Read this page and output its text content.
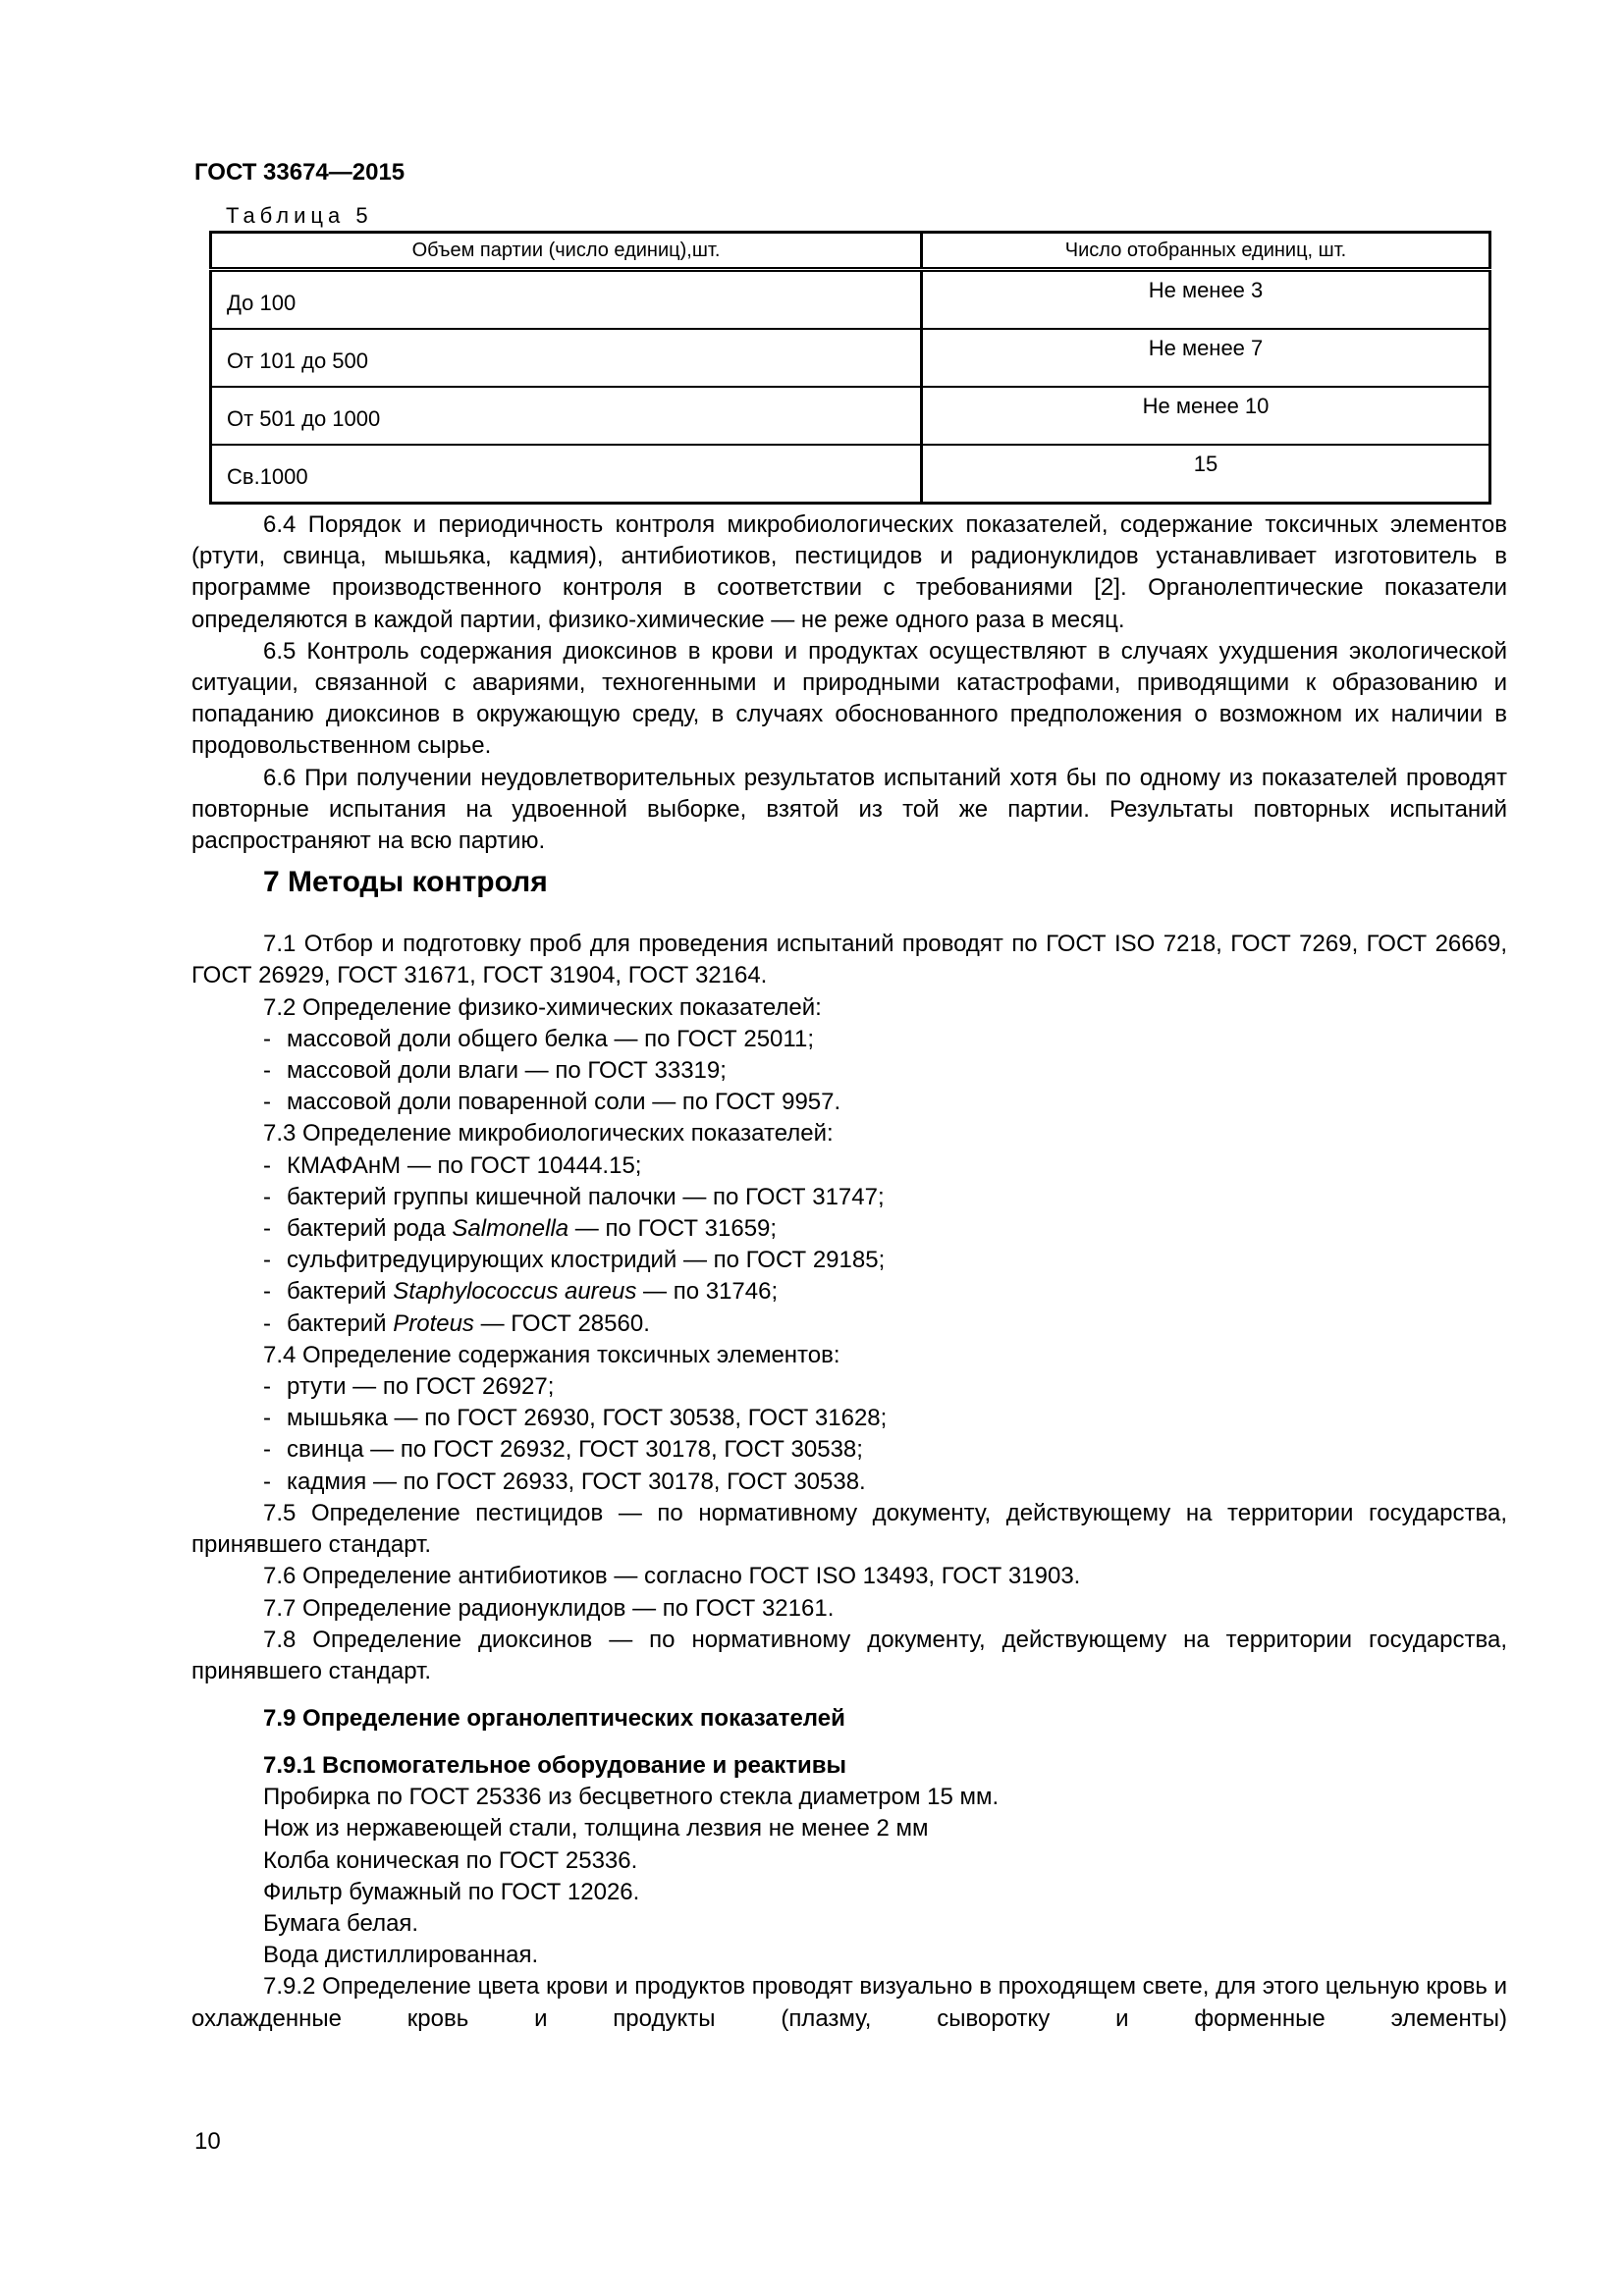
ГОСТ 33674—2015
Таблица 5
Объем партии (число единиц),шт.	Число отобранных единиц, шт.
До 100	Не менее 3
От 101 до 500	Не менее 7
От 501 до 1000	Не менее 10
Св.1000	15

6.4 Порядок и периодичность контроля микробиологических показателей, содержание токсичных элементов (ртути, свинца, мышьяка, кадмия), антибиотиков, пестицидов и радионуклидов устанавливает изготовитель в программе производственного контроля в соответствии с требованиями [2]. Органолептические показатели определяются в каждой партии, физико-химические — не реже одного раза в месяц.

6.5 Контроль содержания диоксинов в крови и продуктах осуществляют в случаях ухудшения экологической ситуации, связанной с авариями, техногенными и природными катастрофами, приводящими к образованию и попаданию диоксинов в окружающую среду, в случаях обоснованного предположения о возможном их наличии в продовольственном сырье.

6.6 При получении неудовлетворительных результатов испытаний хотя бы по одному из показателей проводят повторные испытания на удвоенной выборке, взятой из той же партии. Результаты повторных испытаний распространяют на всю партию.

7 Методы контроля

7.1 Отбор и подготовку проб для проведения испытаний проводят по ГОСТ ISO 7218, ГОСТ 7269, ГОСТ 26669, ГОСТ 26929, ГОСТ 31671, ГОСТ 31904, ГОСТ 32164.

7.2 Определение физико-химических показателей:

- массовой доли общего белка — по ГОСТ 25011;

- массовой доли влаги — по ГОСТ 33319;

- массовой доли поваренной соли — по ГОСТ 9957.

7.3 Определение микробиологических показателей:

- КМАФАнМ — по ГОСТ 10444.15;

- бактерий группы кишечной палочки — по ГОСТ 31747;

- бактерий рода Salmonella — по ГОСТ 31659;

- сульфитредуцирующих клостридий — по ГОСТ 29185;

- бактерий Staphylococcus aureus — по 31746;

- бактерий Proteus — ГОСТ 28560.

7.4 Определение содержания токсичных элементов:

- ртути — по ГОСТ 26927;

- мышьяка — по ГОСТ 26930, ГОСТ 30538, ГОСТ 31628;

- свинца — по ГОСТ 26932, ГОСТ 30178, ГОСТ 30538;

- кадмия — по ГОСТ 26933, ГОСТ 30178, ГОСТ 30538.

7.5 Определение пестицидов — по нормативному документу, действующему на территории государства, принявшего стандарт.

7.6 Определение антибиотиков — согласно ГОСТ ISO 13493, ГОСТ 31903.

7.7 Определение радионуклидов — по ГОСТ 32161.

7.8 Определение диоксинов — по нормативному документу, действующему на территории государства, принявшего стандарт.

7.9 Определение органолептических показателей

7.9.1 Вспомогательное оборудование и реактивы

Пробирка по ГОСТ 25336 из бесцветного стекла диаметром 15 мм.

Нож из нержавеющей стали, толщина лезвия не менее 2 мм

Колба коническая по ГОСТ 25336.

Фильтр бумажный по ГОСТ 12026.

Бумага белая.

Вода дистиллированная.

7.9.2 Определение цвета крови и продуктов проводят визуально в проходящем свете, для этого цельную кровь и охлажденные кровь и продукты (плазму, сыворотку и форменные элементы)

10
